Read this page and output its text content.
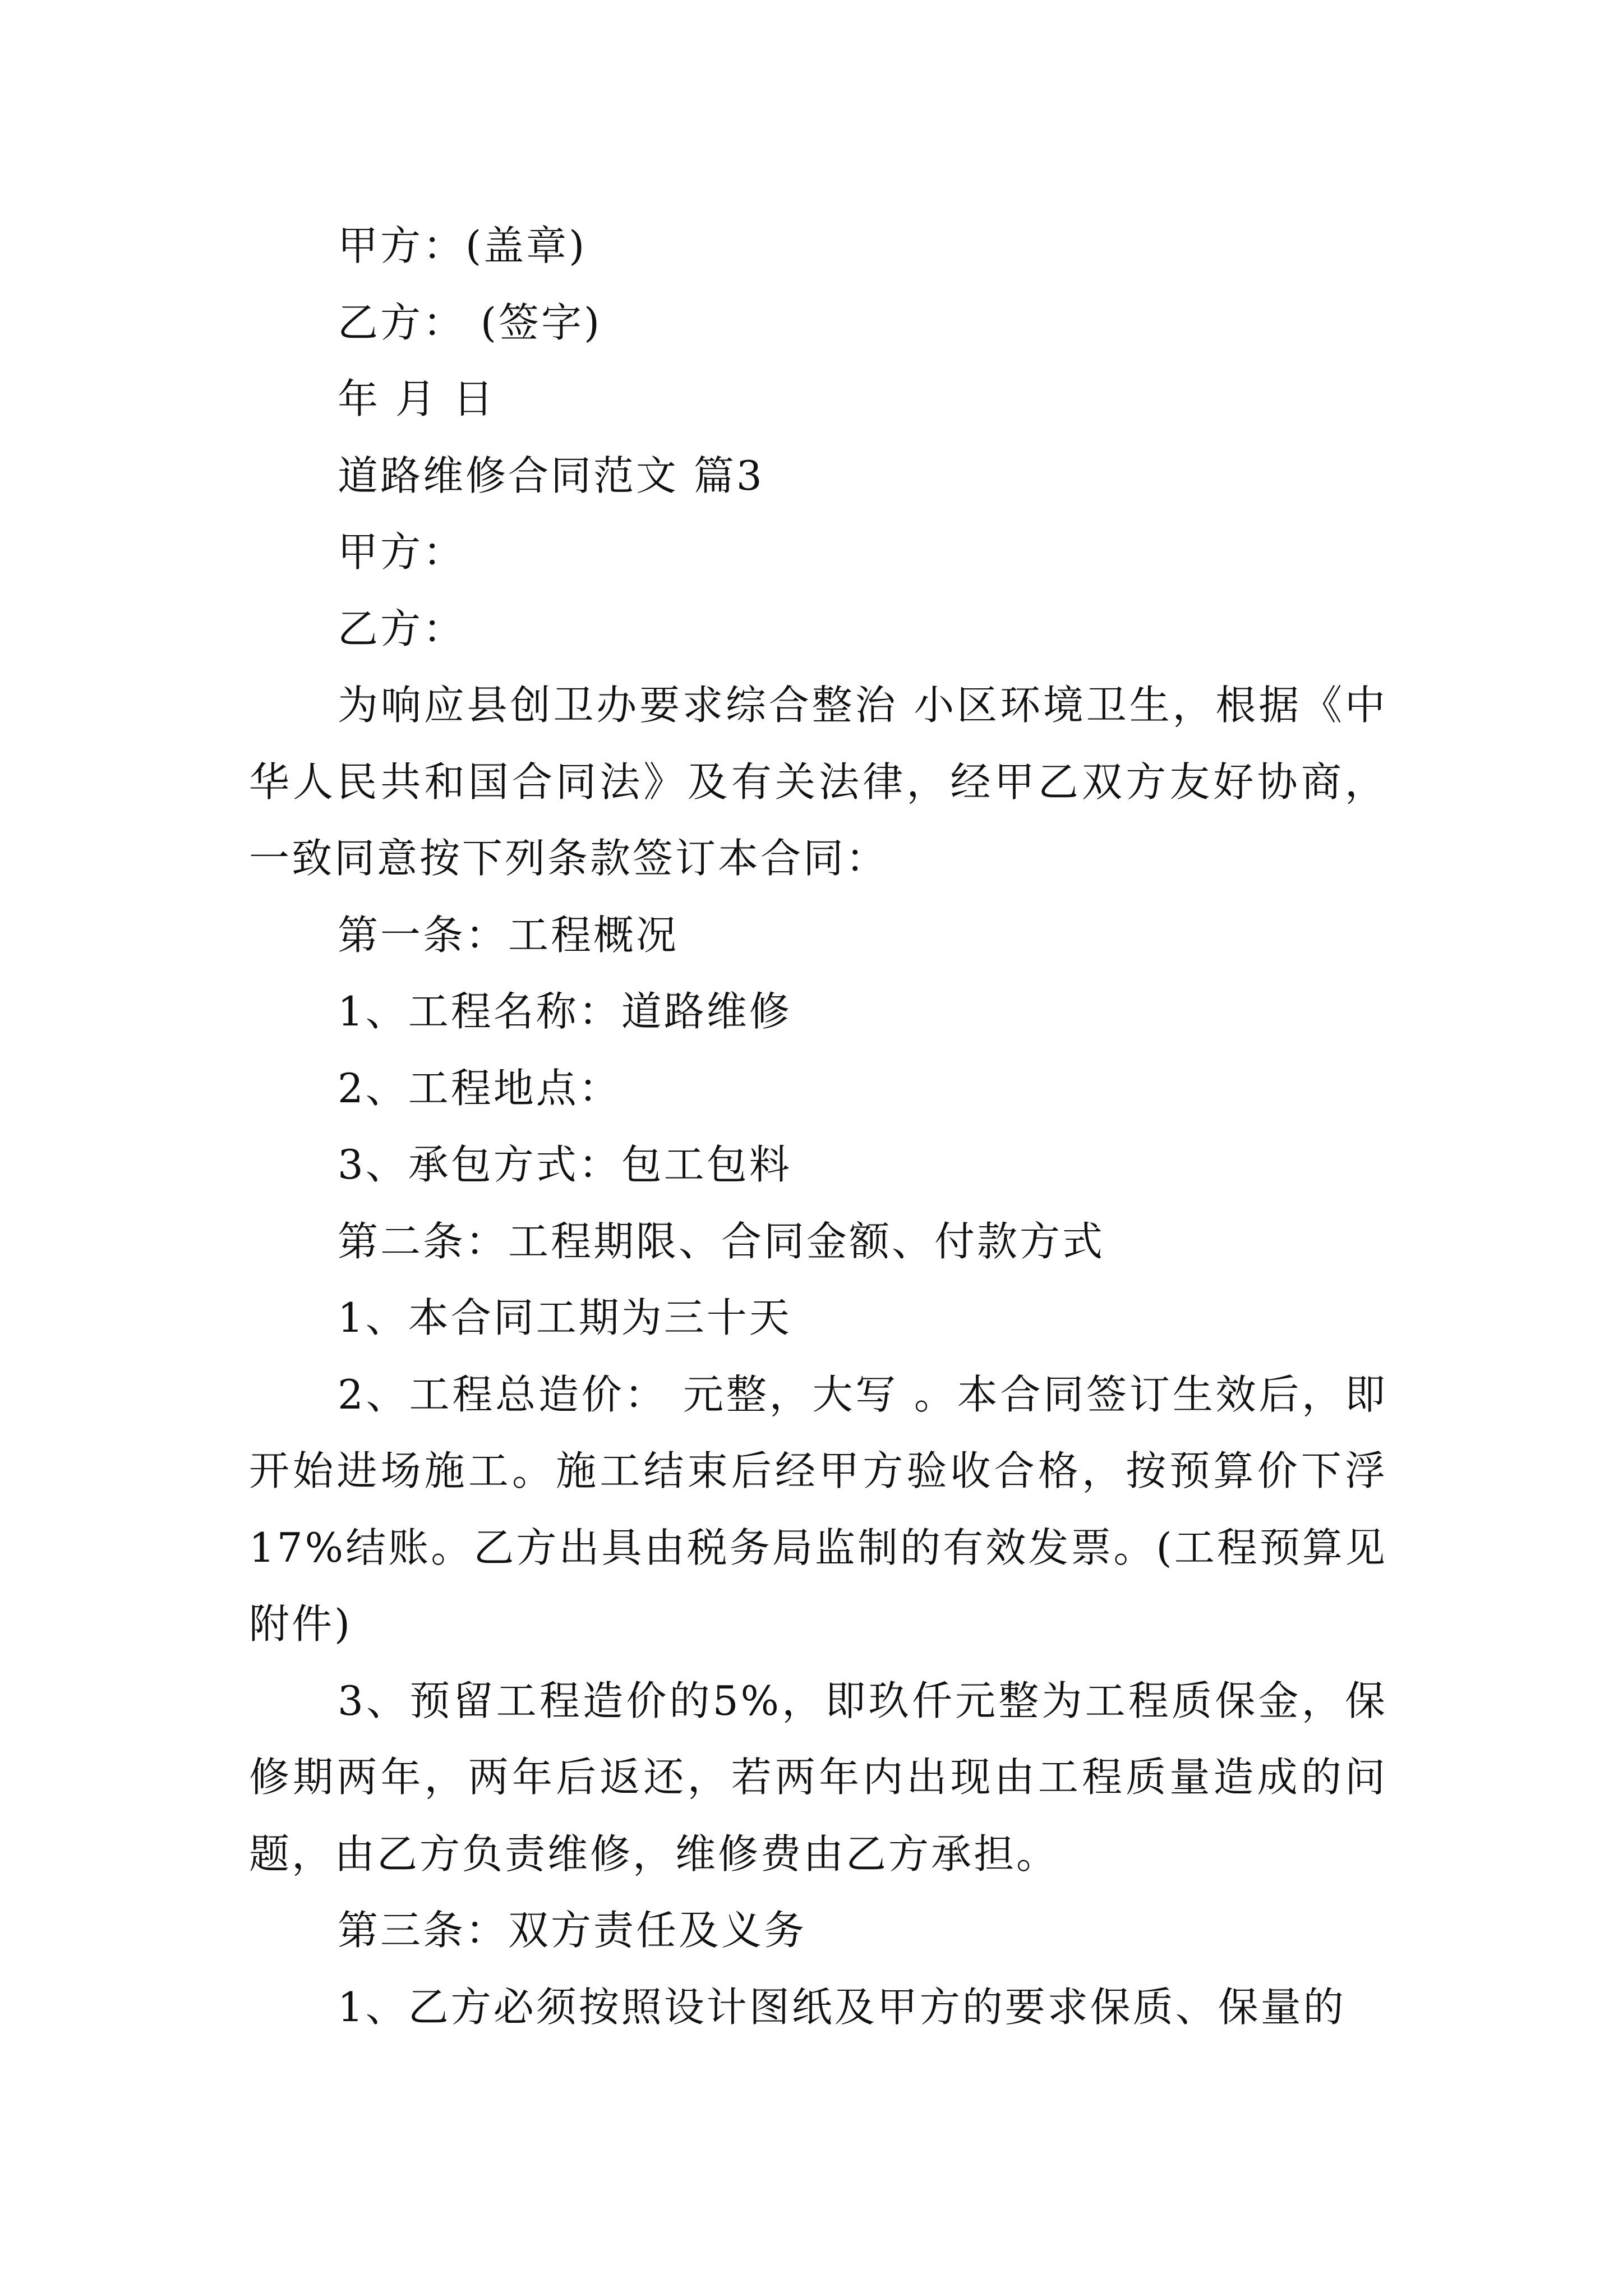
甲方：(盖章)

乙方： (签字)

年 月 日

道路维修合同范文 篇3

甲方：

乙方：

为响应县创卫办要求综合整治 小区环境卫生，根据《中华人民共和国合同法》及有关法律，经甲乙双方友好协商，一致同意按下列条款签订本合同：

第一条：工程概况

1、工程名称：道路维修

2、工程地点：

3、承包方式：包工包料

第二条：工程期限、合同金额、付款方式

1、本合同工期为三十天

2、工程总造价： 元整，大写 。本合同签订生效后，即开始进场施工。施工结束后经甲方验收合格，按预算价下浮17%结账。乙方出具由税务局监制的有效发票。(工程预算见附件)

3、预留工程造价的5%，即玖仟元整为工程质保金，保修期两年，两年后返还，若两年内出现由工程质量造成的问题，由乙方负责维修，维修费由乙方承担。

第三条：双方责任及义务

1、乙方必须按照设计图纸及甲方的要求保质、保量的
